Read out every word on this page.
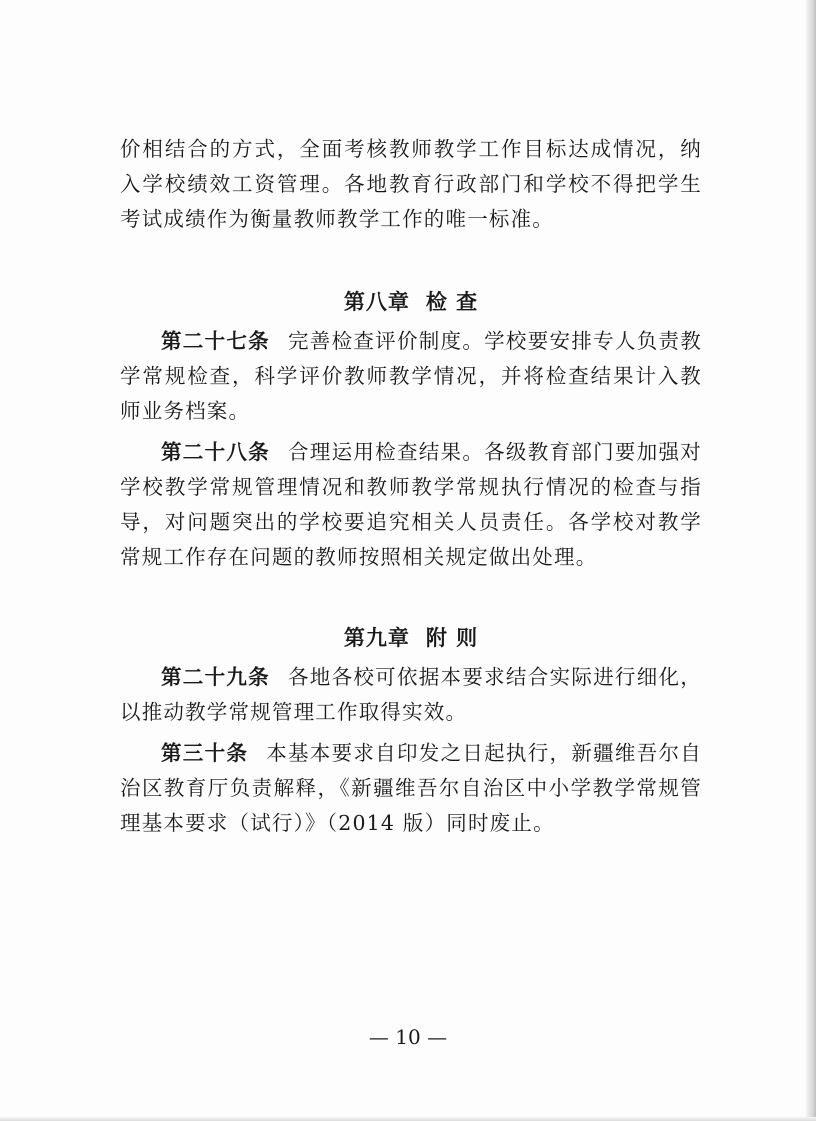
价相结合的方式，全面考核教师教学工作目标达成情况，纳入学校绩效工资管理。各地教育行政部门和学校不得把学生考试成绩作为衡量教师教学工作的唯一标准。

第八章 检 查

第二十七条 完善检查评价制度。学校要安排专人负责教学常规检查，科学评价教师教学情况，并将检查结果计入教师业务档案。

第二十八条 合理运用检查结果。各级教育部门要加强对学校教学常规管理情况和教师教学常规执行情况的检查与指导，对问题突出的学校要追究相关人员责任。各学校对教学常规工作存在问题的教师按照相关规定做出处理。

第九章 附 则

第二十九条 各地各校可依据本要求结合实际进行细化，以推动教学常规管理工作取得实效。

第三十条 本基本要求自印发之日起执行，新疆维吾尔自治区教育厅负责解释，《新疆维吾尔自治区中小学教学常规管理基本要求（试行）》（2014 版）同时废止。

— 10 —
